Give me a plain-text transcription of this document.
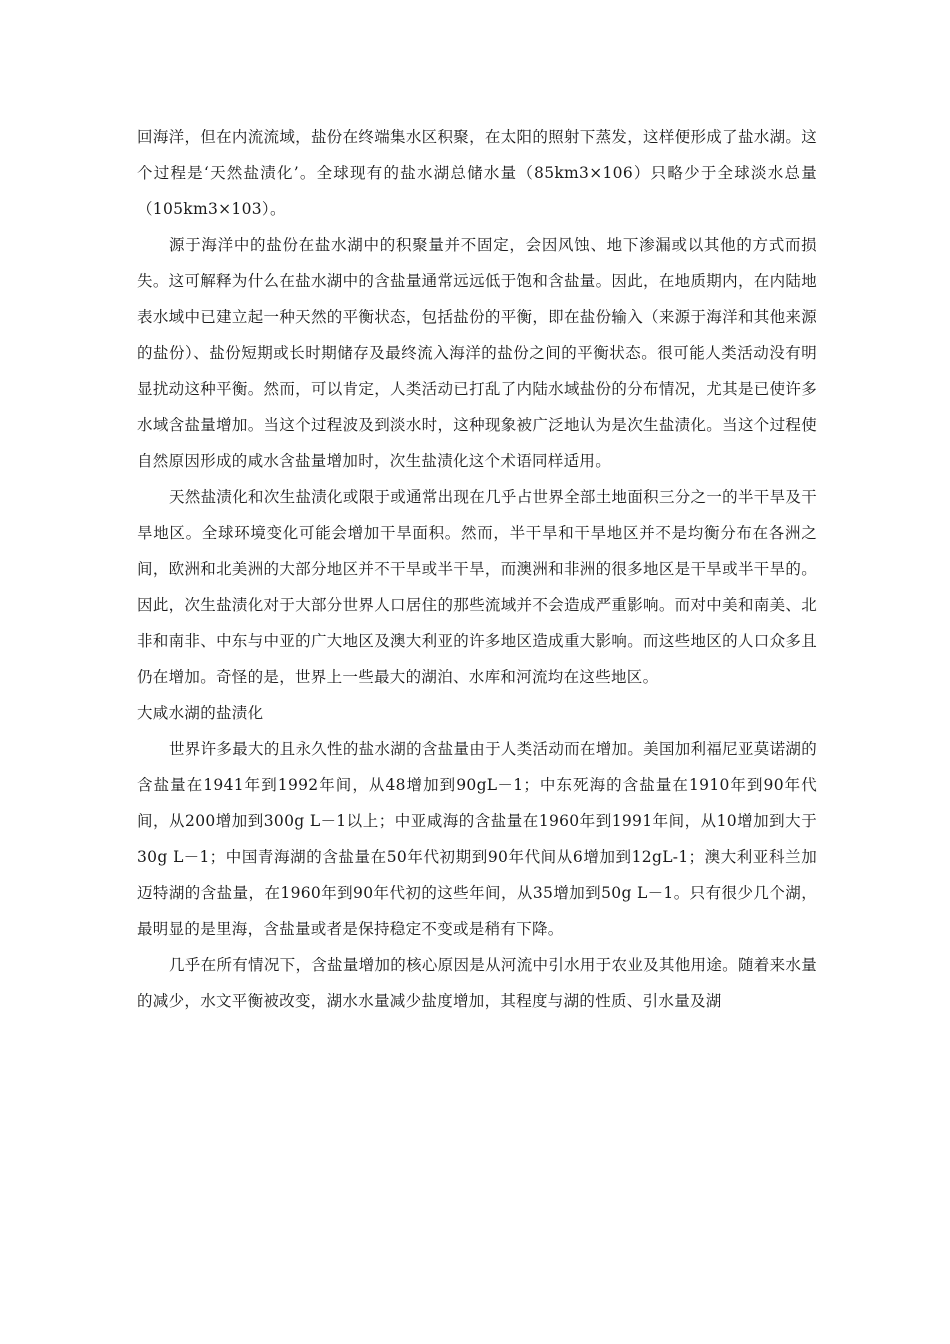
回海洋，但在内流流域，盐份在终端集水区积聚，在太阳的照射下蒸发，这样便形成了盐水湖。这个过程是‘天然盐渍化’。全球现有的盐水湖总储水量（85km3×106）只略少于全球淡水总量（105km3×103）。

源于海洋中的盐份在盐水湖中的积聚量并不固定，会因风蚀、地下渗漏或以其他的方式而损失。这可解释为什么在盐水湖中的含盐量通常远远低于饱和含盐量。因此，在地质期内，在内陆地表水域中已建立起一种天然的平衡状态，包括盐份的平衡，即在盐份输入（来源于海洋和其他来源的盐份）、盐份短期或长时期储存及最终流入海洋的盐份之间的平衡状态。很可能人类活动没有明显扰动这种平衡。然而，可以肯定，人类活动已打乱了内陆水域盐份的分布情况，尤其是已使许多水域含盐量增加。当这个过程波及到淡水时，这种现象被广泛地认为是次生盐渍化。当这个过程使自然原因形成的咸水含盐量增加时，次生盐渍化这个术语同样适用。

天然盐渍化和次生盐渍化或限于或通常出现在几乎占世界全部土地面积三分之一的半干旱及干旱地区。全球环境变化可能会增加干旱面积。然而，半干旱和干旱地区并不是均衡分布在各洲之间，欧洲和北美洲的大部分地区并不干旱或半干旱，而澳洲和非洲的很多地区是干旱或半干旱的。因此，次生盐渍化对于大部分世界人口居住的那些流域并不会造成严重影响。而对中美和南美、北非和南非、中东与中亚的广大地区及澳大利亚的许多地区造成重大影响。而这些地区的人口众多且仍在增加。奇怪的是，世界上一些最大的湖泊、水库和河流均在这些地区。

大咸水湖的盐渍化

世界许多最大的且永久性的盐水湖的含盐量由于人类活动而在增加。美国加利福尼亚莫诺湖的含盐量在1941年到1992年间，从48增加到90gL－1；中东死海的含盐量在1910年到90年代间，从200增加到300g L－1以上；中亚咸海的含盐量在1960年到1991年间，从10增加到大于30g L－1；中国青海湖的含盐量在50年代初期到90年代间从6增加到12gL-1；澳大利亚科兰加迈特湖的含盐量，在1960年到90年代初的这些年间，从35增加到50g L－1。只有很少几个湖，最明显的是里海，含盐量或者是保持稳定不变或是稍有下降。

几乎在所有情况下，含盐量增加的核心原因是从河流中引水用于农业及其他用途。随着来水量的减少，水文平衡被改变，湖水水量减少盐度增加，其程度与湖的性质、引水量及湖
